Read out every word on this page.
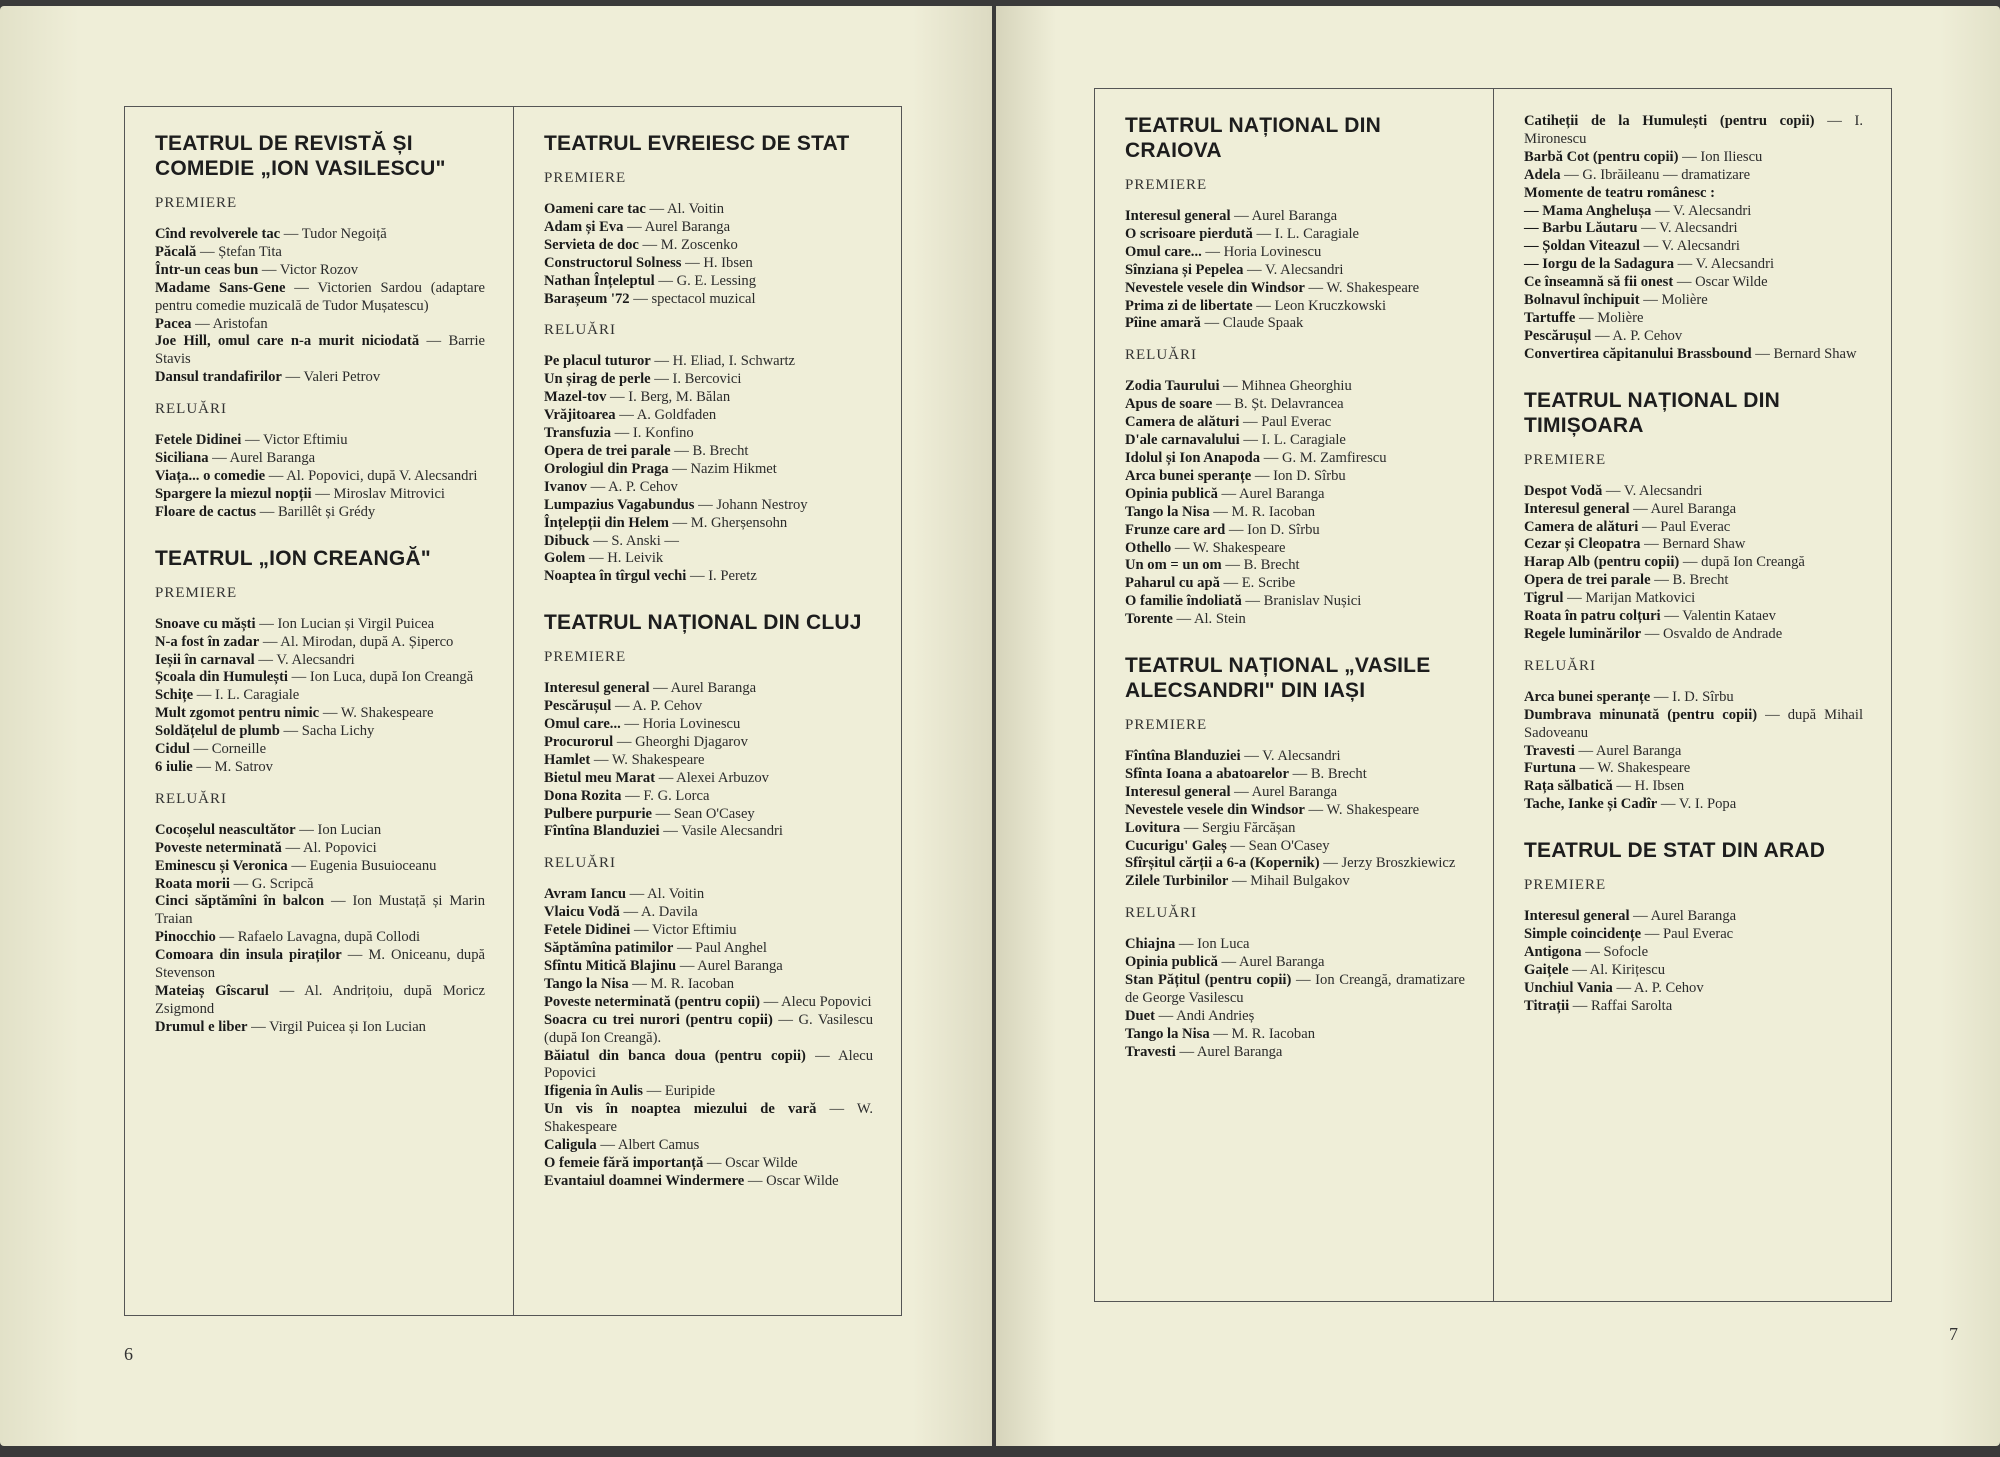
TEATRUL DE REVISTĂ ȘI COMEDIE „ION VASILESCU"
PREMIERE
Cînd revolverele tac — Tudor Negoiță
Păcală — Ștefan Tita
Într-un ceas bun — Victor Rozov
Madame Sans-Gene — Victorien Sardou (adaptare pentru comedie muzicală de Tudor Mușatescu)
Pacea — Aristofan
Joe Hill, omul care n-a murit niciodată — Barrie Stavis
Dansul trandafirilor — Valeri Petrov
RELUĂRI
Fetele Didinei — Victor Eftimiu
Siciliana — Aurel Baranga
Viața... o comedie — Al. Popovici, după V. Alecsandri
Spargere la miezul nopții — Miroslav Mitrovici
Floare de cactus — Barillêt și Grédy
TEATRUL „ION CREANGĂ"
PREMIERE
Snoave cu măști — Ion Lucian și Virgil Puicea
N-a fost în zadar — Al. Mirodan, după A. Șiperco
Ieșii în carnaval — V. Alecsandri
Școala din Humulești — Ion Luca, după Ion Creangă
Schițe — I. L. Caragiale
Mult zgomot pentru nimic — W. Shakespeare
Soldățelul de plumb — Sacha Lichy
Cidul — Corneille
6 iulie — M. Satrov
RELUĂRI
Cocoșelul neascultător — Ion Lucian
Poveste neterminată — Al. Popovici
Eminescu și Veronica — Eugenia Busuioceanu
Roata morii — G. Scripcă
Cinci săptămîni în balcon — Ion Mustață și Marin Traian
Pinocchio — Rafaelo Lavagna, după Collodi
Comoara din insula piraților — M. Oniceanu, după Stevenson
Mateiaș Gîscarul — Al. Andrițoiu, după Moricz Zsigmond
Drumul e liber — Virgil Puicea și Ion Lucian
TEATRUL EVREIESC DE STAT
PREMIERE
Oameni care tac — Al. Voitin
Adam și Eva — Aurel Baranga
Servieta de doc — M. Zoscenko
Constructorul Solness — H. Ibsen
Nathan Înțeleptul — G. E. Lessing
Barașeum '72 — spectacol muzical
RELUĂRI
Pe placul tuturor — H. Eliad, I. Schwartz
Un șirag de perle — I. Bercovici
Mazel-tov — I. Berg, M. Bălan
Vrăjitoarea — A. Goldfaden
Transfuzia — I. Konfino
Opera de trei parale — B. Brecht
Orologiul din Praga — Nazim Hikmet
Ivanov — A. P. Cehov
Lumpazius Vagabundus — Johann Nestroy
Înțelepții din Helem — M. Gherșensohn
Dibuck — S. Anski —
Golem — H. Leivik
Noaptea în tîrgul vechi — I. Peretz
TEATRUL NAȚIONAL DIN CLUJ
PREMIERE
Interesul general — Aurel Baranga
Pescărușul — A. P. Cehov
Omul care... — Horia Lovinescu
Procurorul — Gheorghi Djagarov
Hamlet — W. Shakespeare
Bietul meu Marat — Alexei Arbuzov
Dona Rozita — F. G. Lorca
Pulbere purpurie — Sean O'Casey
Fîntîna Blanduziei — Vasile Alecsandri
RELUĂRI
Avram Iancu — Al. Voitin
Vlaicu Vodă — A. Davila
Fetele Didinei — Victor Eftimiu
Săptămîna patimilor — Paul Anghel
Sfîntu Mitică Blajinu — Aurel Baranga
Tango la Nisa — M. R. Iacoban
Poveste neterminată (pentru copii) — Alecu Popovici
Soacra cu trei nurori (pentru copii) — G. Vasilescu (după Ion Creangă).
Băiatul din banca doua (pentru copii) — Alecu Popovici
Ifigenia în Aulis — Euripide
Un vis în noaptea miezului de vară — W. Shakespeare
Caligula — Albert Camus
O femeie fără importanță — Oscar Wilde
Evantaiul doamnei Windermere — Oscar Wilde
6
TEATRUL NAȚIONAL DIN CRAIOVA
PREMIERE
Interesul general — Aurel Baranga
O scrisoare pierdută — I. L. Caragiale
Omul care... — Horia Lovinescu
Sînziana și Pepelea — V. Alecsandri
Nevestele vesele din Windsor — W. Shakespeare
Prima zi de libertate — Leon Kruczkowski
Pîine amară — Claude Spaak
RELUĂRI
Zodia Taurului — Mihnea Gheorghiu
Apus de soare — B. Șt. Delavrancea
Camera de alături — Paul Everac
D'ale carnavalului — I. L. Caragiale
Idolul și Ion Anapoda — G. M. Zamfirescu
Arca bunei speranțe — Ion D. Sîrbu
Opinia publică — Aurel Baranga
Tango la Nisa — M. R. Iacoban
Frunze care ard — Ion D. Sîrbu
Othello — W. Shakespeare
Un om = un om — B. Brecht
Paharul cu apă — E. Scribe
O familie îndoliată — Branislav Nușici
Torente — Al. Stein
TEATRUL NAȚIONAL „VASILE ALECSANDRI" DIN IAȘI
PREMIERE
Fîntîna Blanduziei — V. Alecsandri
Sfînta Ioana a abatoarelor — B. Brecht
Interesul general — Aurel Baranga
Nevestele vesele din Windsor — W. Shakespeare
Lovitura — Sergiu Fărcășan
Cucurigu' Galeș — Sean O'Casey
Sfîrșitul cărții a 6-a (Kopernik) — Jerzy Broszkiewicz
Zilele Turbinilor — Mihail Bulgakov
RELUĂRI
Chiajna — Ion Luca
Opinia publică — Aurel Baranga
Stan Pățitul (pentru copii) — Ion Creangă, dramatizare de George Vasilescu
Duet — Andi Andrieș
Tango la Nisa — M. R. Iacoban
Travesti — Aurel Baranga
Catiheții de la Humulești (pentru copii) — I. Mironescu
Barbă Cot (pentru copii) — Ion Iliescu
Adela — G. Ibrăileanu — dramatizare
Momente de teatru românesc :
— Mama Anghelușa — V. Alecsandri
— Barbu Lăutaru — V. Alecsandri
— Șoldan Viteazul — V. Alecsandri
— Iorgu de la Sadagura — V. Alecsandri
Ce înseamnă să fii onest — Oscar Wilde
Bolnavul închipuit — Molière
Tartuffe — Molière
Pescărușul — A. P. Cehov
Convertirea căpitanului Brassbound — Bernard Shaw
TEATRUL NAȚIONAL DIN TIMIȘOARA
PREMIERE
Despot Vodă — V. Alecsandri
Interesul general — Aurel Baranga
Camera de alături — Paul Everac
Cezar și Cleopatra — Bernard Shaw
Harap Alb (pentru copii) — după Ion Creangă
Opera de trei parale — B. Brecht
Tigrul — Marijan Matkovici
Roata în patru colțuri — Valentin Kataev
Regele luminărilor — Osvaldo de Andrade
RELUĂRI
Arca bunei speranțe — I. D. Sîrbu
Dumbrava minunată (pentru copii) — după Mihail Sadoveanu
Travesti — Aurel Baranga
Furtuna — W. Shakespeare
Rața sălbatică — H. Ibsen
Tache, Ianke și Cadîr — V. I. Popa
TEATRUL DE STAT DIN ARAD
PREMIERE
Interesul general — Aurel Baranga
Simple coincidențe — Paul Everac
Antigona — Sofocle
Gaițele — Al. Kirițescu
Unchiul Vania — A. P. Cehov
Titrații — Raffai Sarolta
7
